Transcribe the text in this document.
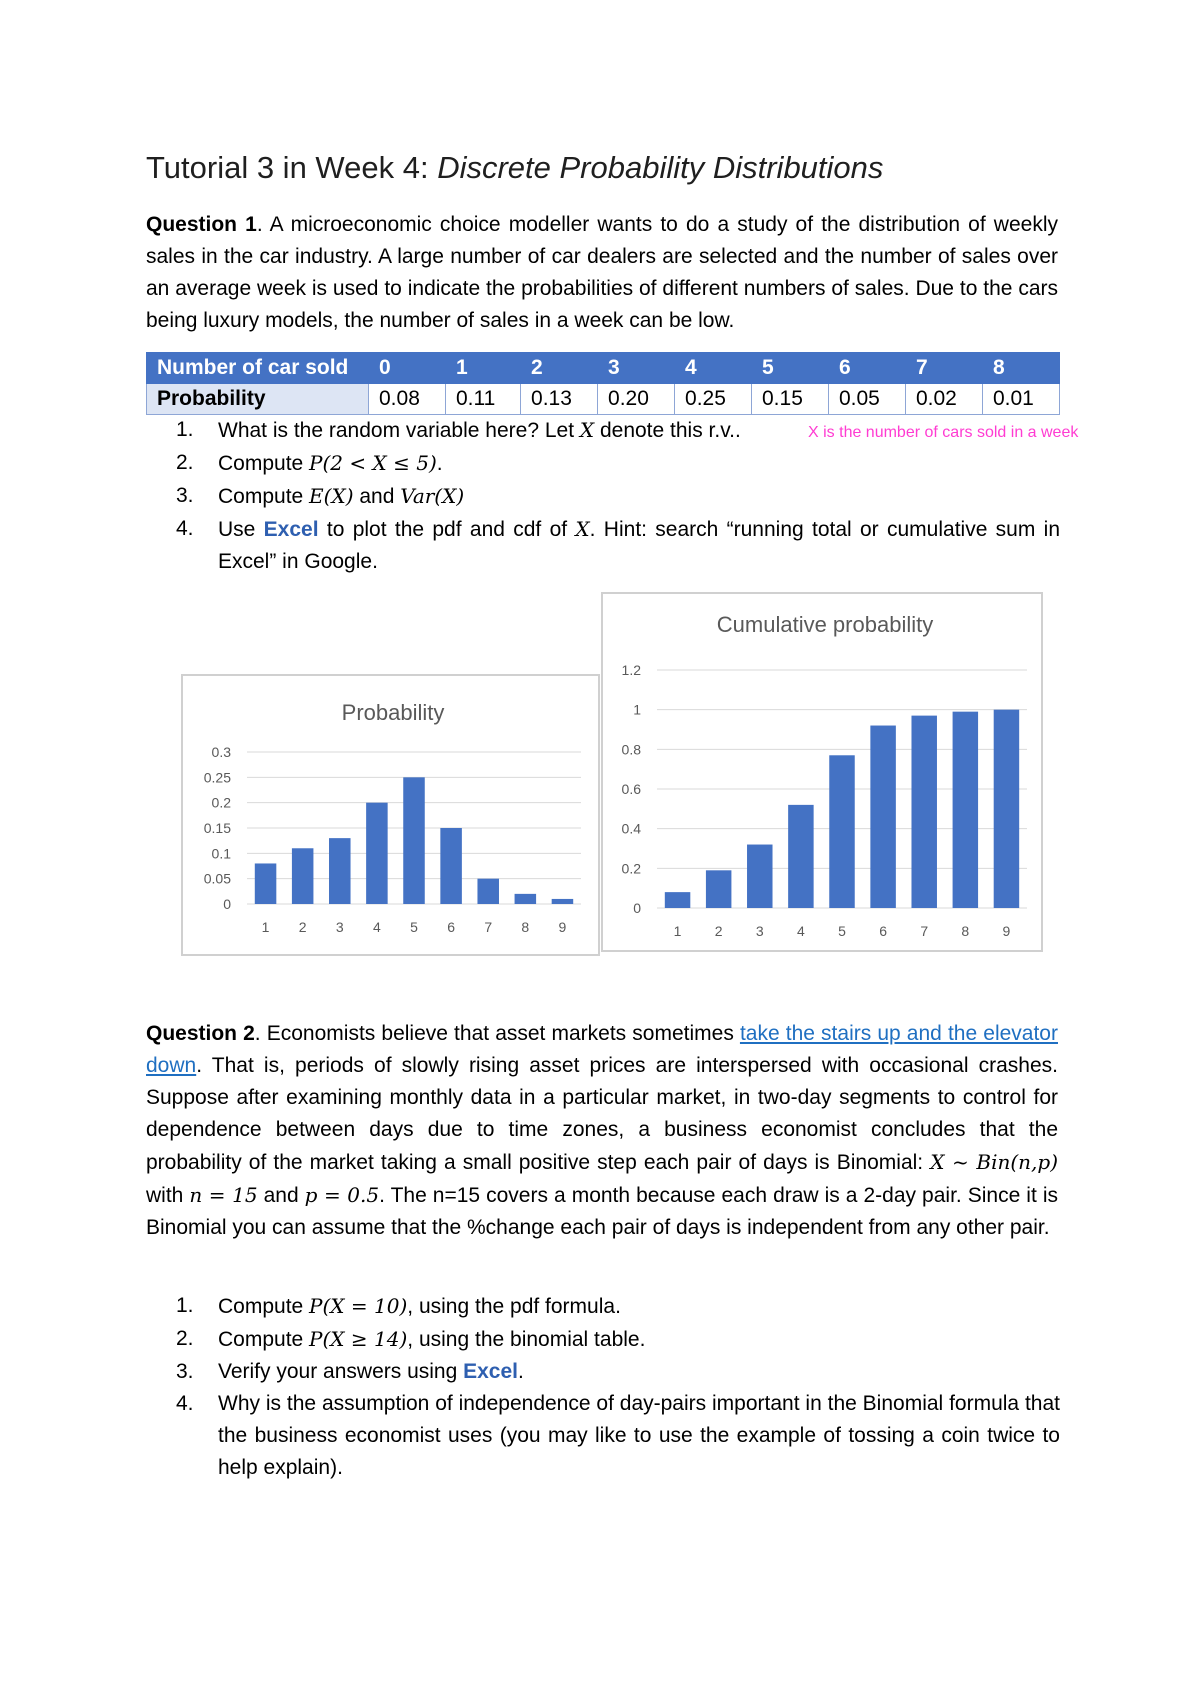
Tutorial 3 in Week 4: Discrete Probability Distributions

Question 1. A microeconomic choice modeller wants to do a study of the distribution of weekly sales in the car industry. A large number of car dealers are selected and the number of sales over an average week is used to indicate the probabilities of different numbers of sales. Due to the cars being luxury models, the number of sales in a week can be low.

Number of car sold	0	1	2	3	4	5	6	7	8
Probability	0.08	0.11	0.13	0.20	0.25	0.15	0.05	0.02	0.01
1. What is the random variable here? Let X denote this r.v..
2. Compute P(2 < X ≤ 5).
3. Compute E(X) and Var(X)
4. Use Excel to plot the pdf and cdf of X. Hint: search “running total or cumulative sum in Excel” in Google.
X is the number of cars sold in a week
Probability
0
0.05
0.1
0.15
0.2
0.25
0.3
1 2 3 4 5 6 7 8 9
Cumulative probability
0
0.2
0.4
0.6
0.8
1
1.2
1 2 3 4 5 6 7 8 9

Question 2. Economists believe that asset markets sometimes take the stairs up and the elevator down. That is, periods of slowly rising asset prices are interspersed with occasional crashes. Suppose after examining monthly data in a particular market, in two-day segments to control for dependence between days due to time zones, a business economist concludes that the probability of the market taking a small positive step each pair of days is Binomial: X ~ Bin(n,p) with n = 15 and p = 0.5. The n=15 covers a month because each draw is a 2-day pair. Since it is Binomial you can assume that the %change each pair of days is independent from any other pair.

1. Compute P(X = 10), using the pdf formula.
2. Compute P(X ≥ 14), using the binomial table.
3. Verify your answers using Excel.
4. Why is the assumption of independence of day-pairs important in the Binomial formula that the business economist uses (you may like to use the example of tossing a coin twice to help explain).
